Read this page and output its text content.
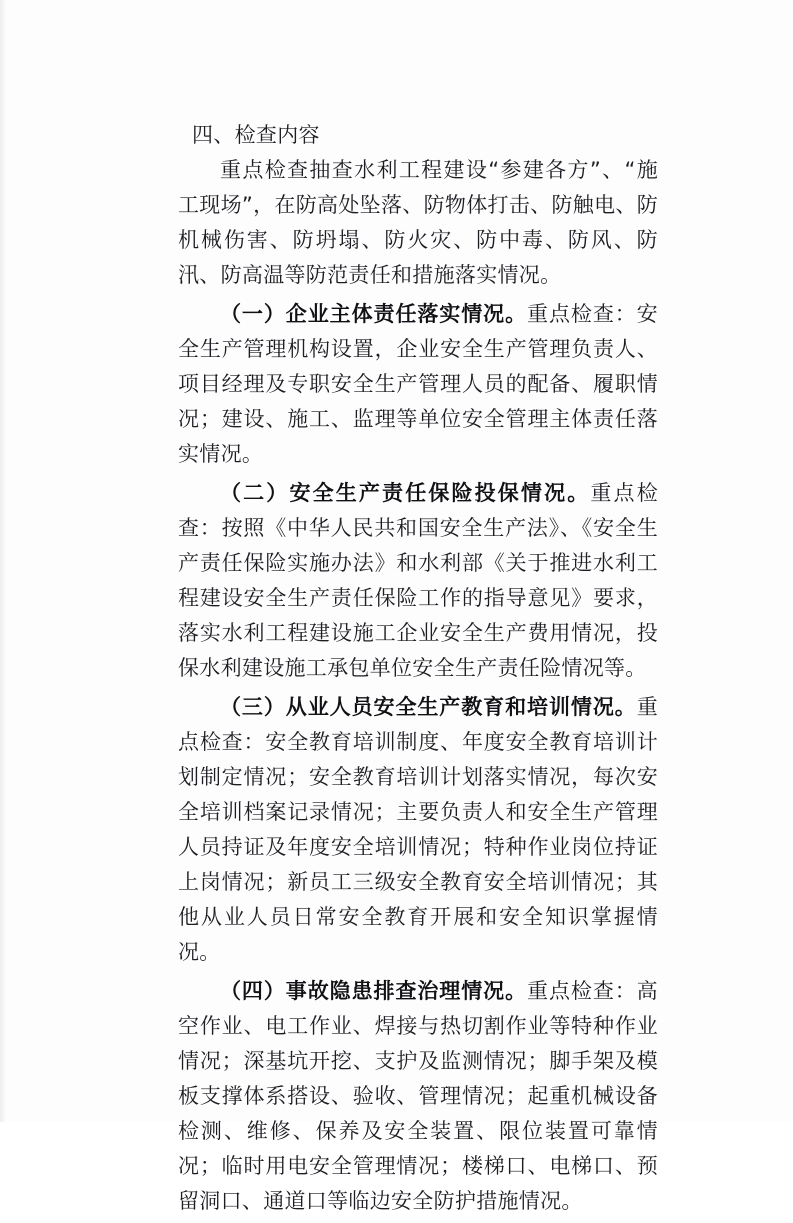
四、检查内容

重点检查抽查水利工程建设“参建各方”、“施工现场”，在防高处坠落、防物体打击、防触电、防机械伤害、防坍塌、防火灾、防中毒、防风、防汛、防高温等防范责任和措施落实情况。

（一）企业主体责任落实情况。重点检查：安全生产管理机构设置，企业安全生产管理负责人、项目经理及专职安全生产管理人员的配备、履职情况；建设、施工、监理等单位安全管理主体责任落实情况。

（二）安全生产责任保险投保情况。重点检查：按照《中华人民共和国安全生产法》、《安全生产责任保险实施办法》和水利部《关于推进水利工程建设安全生产责任保险工作的指导意见》要求，落实水利工程建设施工企业安全生产费用情况，投保水利建设施工承包单位安全生产责任险情况等。

（三）从业人员安全生产教育和培训情况。重点检查：安全教育培训制度、年度安全教育培训计划制定情况；安全教育培训计划落实情况，每次安全培训档案记录情况；主要负责人和安全生产管理人员持证及年度安全培训情况；特种作业岗位持证上岗情况；新员工三级安全教育安全培训情况；其他从业人员日常安全教育开展和安全知识掌握情况。

（四）事故隐患排查治理情况。重点检查：高空作业、电工作业、焊接与热切割作业等特种作业情况；深基坑开挖、支护及监测情况；脚手架及模板支撑体系搭设、验收、管理情况；起重机械设备检测、维修、保养及安全装置、限位装置可靠情况；临时用电安全管理情况；楼梯口、电梯口、预留洞口、通道口等临边安全防护措施情况。
